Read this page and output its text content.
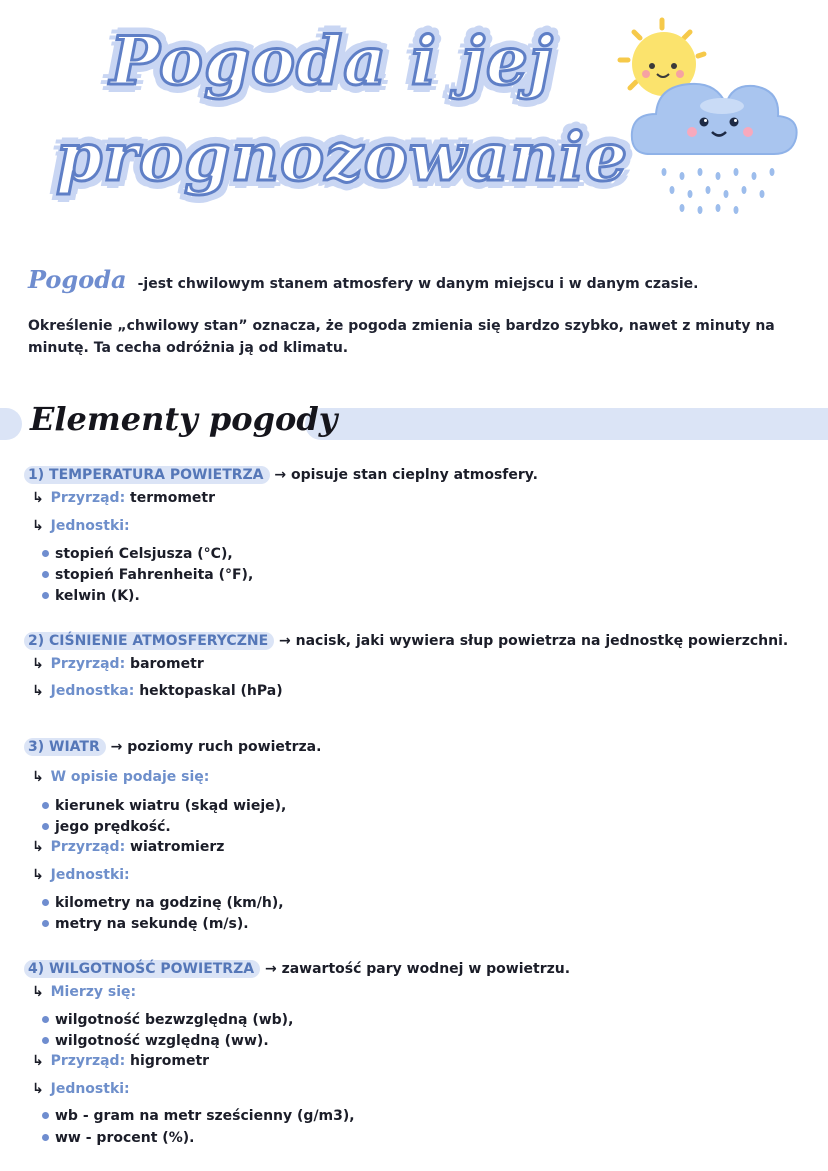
Pogoda i jej
prognozowanie
Pogoda -jest chwilowym stanem atmosfery w danym miejscu i w danym czasie.
Określenie „chwilowy stan” oznacza, że pogoda zmienia się bardzo szybko, nawet z minuty na
minutę. Ta cecha odróżnia ją od klimatu.
Elementy pogody
1) TEMPERATURA POWIETRZA → opisuje stan cieplny atmosfery.
↳ Przyrząd: termometr
↳ Jednostki:
stopień Celsjusza (°C),
stopień Fahrenheita (°F),
kelwin (K).
2) CIŚNIENIE ATMOSFERYCZNE → nacisk, jaki wywiera słup powietrza na jednostkę powierzchni.
↳ Przyrząd: barometr
↳ Jednostka: hektopaskal (hPa)
3) WIATR → poziomy ruch powietrza.
↳ W opisie podaje się:
kierunek wiatru (skąd wieje),
jego prędkość.
↳ Przyrząd: wiatromierz
↳ Jednostki:
kilometry na godzinę (km/h),
metry na sekundę (m/s).
4) WILGOTNOŚĆ POWIETRZA → zawartość pary wodnej w powietrzu.
↳ Mierzy się:
wilgotność bezwzględną (wb),
wilgotność względną (ww).
↳ Przyrząd: higrometr
↳ Jednostki:
wb - gram na metr sześcienny (g/m3),
ww - procent (%).
